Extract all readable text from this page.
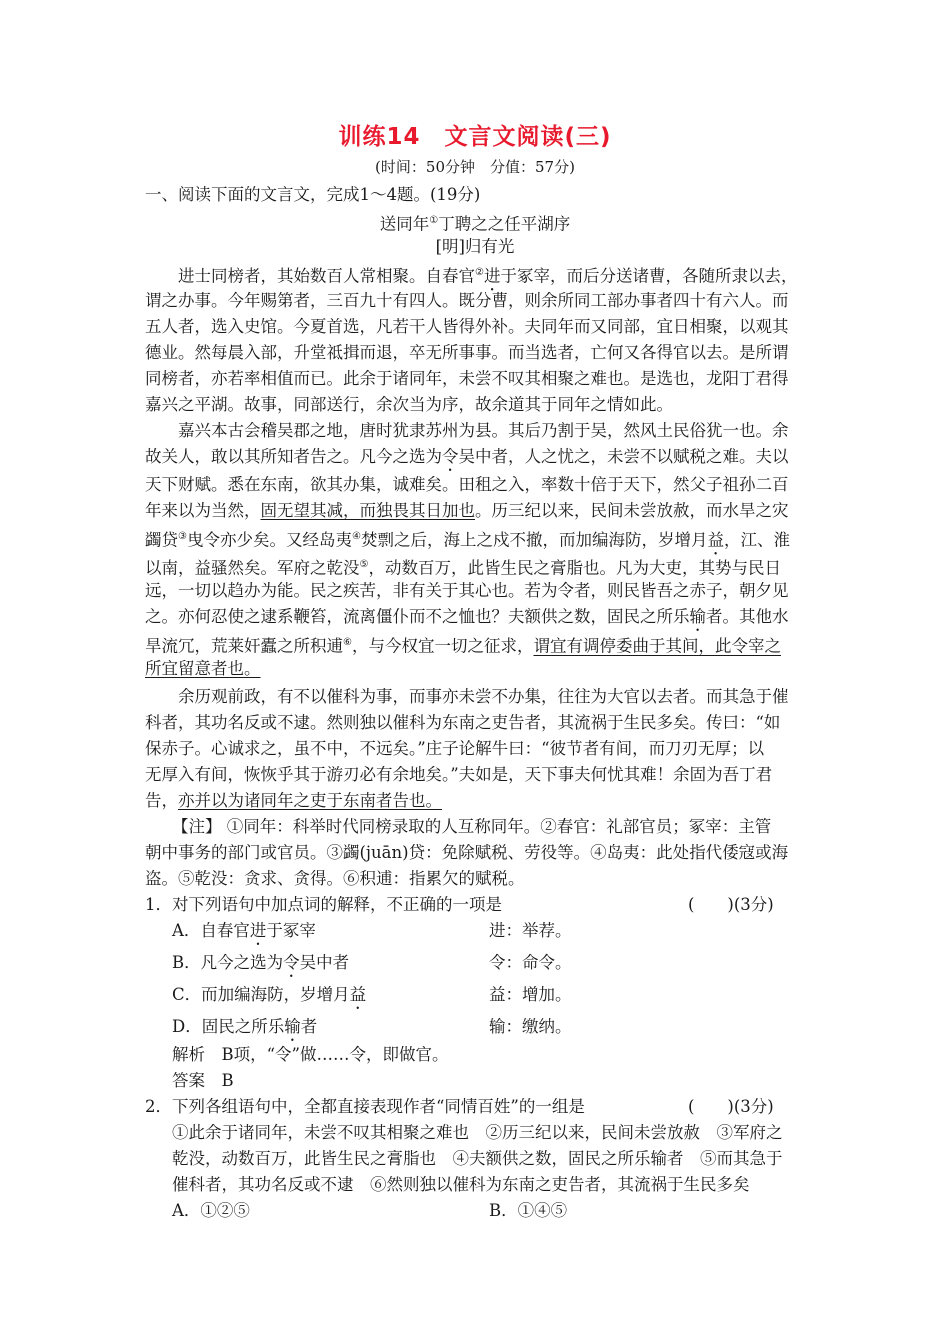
训练14　文言文阅读(三)
(时间：50分钟　分值：57分)
一、阅读下面的文言文，完成1～4题。(19分)
送同年①丁聘之之任平湖序
[明]归有光
进士同榜者，其始数百人常相聚。自春官②进于冢宰，而后分送诸曹，各随所隶以去，
谓之办事。今年赐第者，三百九十有四人。既分曹，则余所同工部办事者四十有六人。而
五人者，选入史馆。今夏首选，凡若干人皆得外补。夫同年而又同部，宜日相聚，以观其
德业。然每晨入部，升堂祗揖而退，卒无所事事。而当选者，亡何又各得官以去。是所谓
同榜者，亦若率相值而已。此余于诸同年，未尝不叹其相聚之难也。是选也，龙阳丁君得
嘉兴之平湖。故事，同部送行，余次当为序，故余道其于同年之情如此。
嘉兴本古会稽吴郡之地，唐时犹隶苏州为县。其后乃割于吴，然风土民俗犹一也。余
故关人，敢以其所知者告之。凡今之选为令吴中者，人之忧之，未尝不以赋税之难。夫以
天下财赋。悉在东南，欲其办集，诚难矣。田租之入，率数十倍于天下，然父子祖孙二百
年来以为当然，固无望其减，而独畏其日加也。历三纪以来，民间未尝放赦，而水旱之灾
蠲贷③曳令亦少矣。又经岛夷④焚剽之后，海上之戍不撤，而加编海防，岁增月益，江、淮
以南，益骚然矣。军府之乾没⑤，动数百万，此皆生民之膏脂也。凡为大吏，其势与民日
远，一切以趋办为能。民之疾苦，非有关于其心也。若为令者，则民皆吾之赤子，朝夕见
之。亦何忍使之逮系鞭笞，流离僵仆而不之恤也？夫额供之数，固民之所乐输者。其他水
旱流冗，荒莱奸蠹之所积逋⑥，与今权宜一切之征求，谓宜有调停委曲于其间，此令宰之
所宜留意者也。
余历观前政，有不以催科为事，而事亦未尝不办集，往往为大官以去者。而其急于催
科者，其功名反或不逮。然则独以催科为东南之吏告者，其流祸于生民多矣。传曰：“如
保赤子。心诚求之，虽不中，不远矣。”庄子论解牛曰：“彼节者有间，而刀刃无厚；以
无厚入有间，恢恢乎其于游刃必有余地矣。”夫如是，天下事夫何忧其难！余固为吾丁君
告，亦并以为诸同年之吏于东南者告也。
【注】 ①同年：科举时代同榜录取的人互称同年。②春官：礼部官员；冢宰：主管
朝中事务的部门或官员。③蠲(juān)贷：免除赋税、劳役等。④岛夷：此处指代倭寇或海
盗。⑤乾没：贪求、贪得。⑥积逋：指累欠的赋税。
1．对下列语句中加点词的解释，不正确的一项是	(　　)(3分)
A．自春官进于冢宰	进：举荐。
B．凡今之选为令吴中者	令：命令。
C．而加编海防，岁增月益	益：增加。
D．固民之所乐输者	输：缴纳。
解析　B项，“令”做……令，即做官。
答案　B
2．下列各组语句中，全都直接表现作者“同情百姓”的一组是	(　　)(3分)
①此余于诸同年，未尝不叹其相聚之难也　②历三纪以来，民间未尝放赦　③军府之
乾没，动数百万，此皆生民之膏脂也　④夫额供之数，固民之所乐输者　⑤而其急于
催科者，其功名反或不逮　⑥然则独以催科为东南之吏告者，其流祸于生民多矣
A．①②⑤	B．①④⑤
